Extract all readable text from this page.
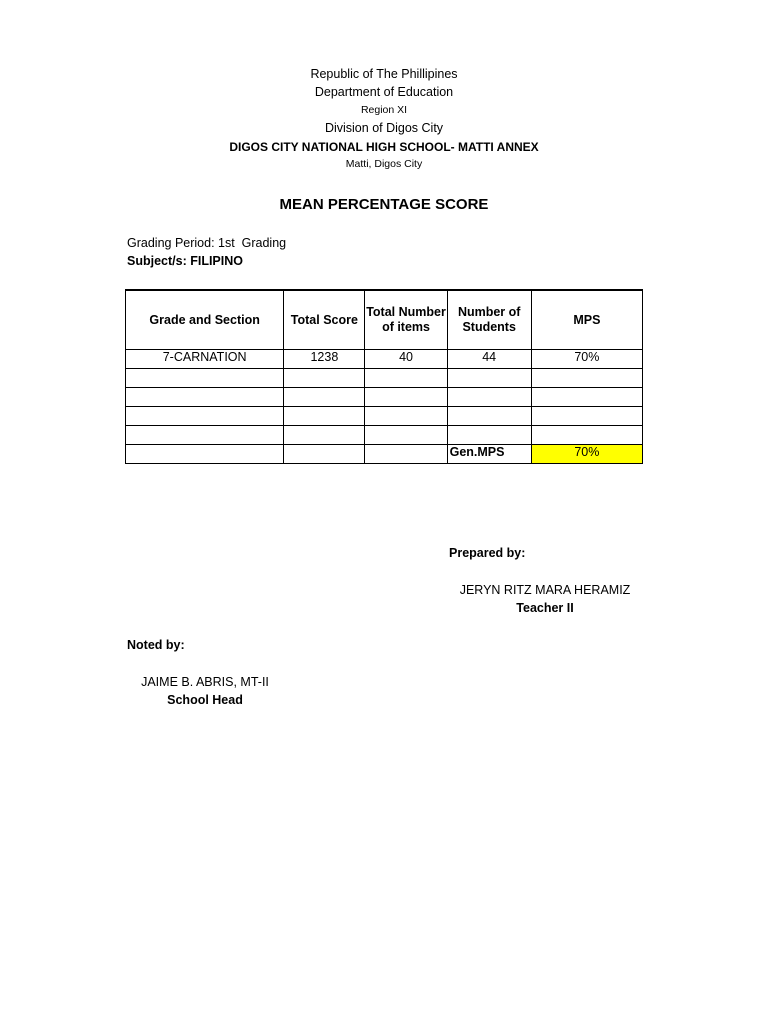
Republic of The Phillipines
Department of Education
Region XI
Division of Digos City
DIGOS CITY NATIONAL HIGH SCHOOL- MATTI ANNEX
Matti, Digos City
MEAN PERCENTAGE SCORE
Grading Period: 1st  Grading
Subject/s: FILIPINO
Grade and Section	Total Score	Total Number of items	Number of Students	MPS
7-CARNATION	1238	40	44	70%

			Gen.MPS	70%
Prepared by:
JERYN RITZ MARA HERAMIZ
Teacher II
Noted by:
JAIME B. ABRIS, MT-II
School Head
